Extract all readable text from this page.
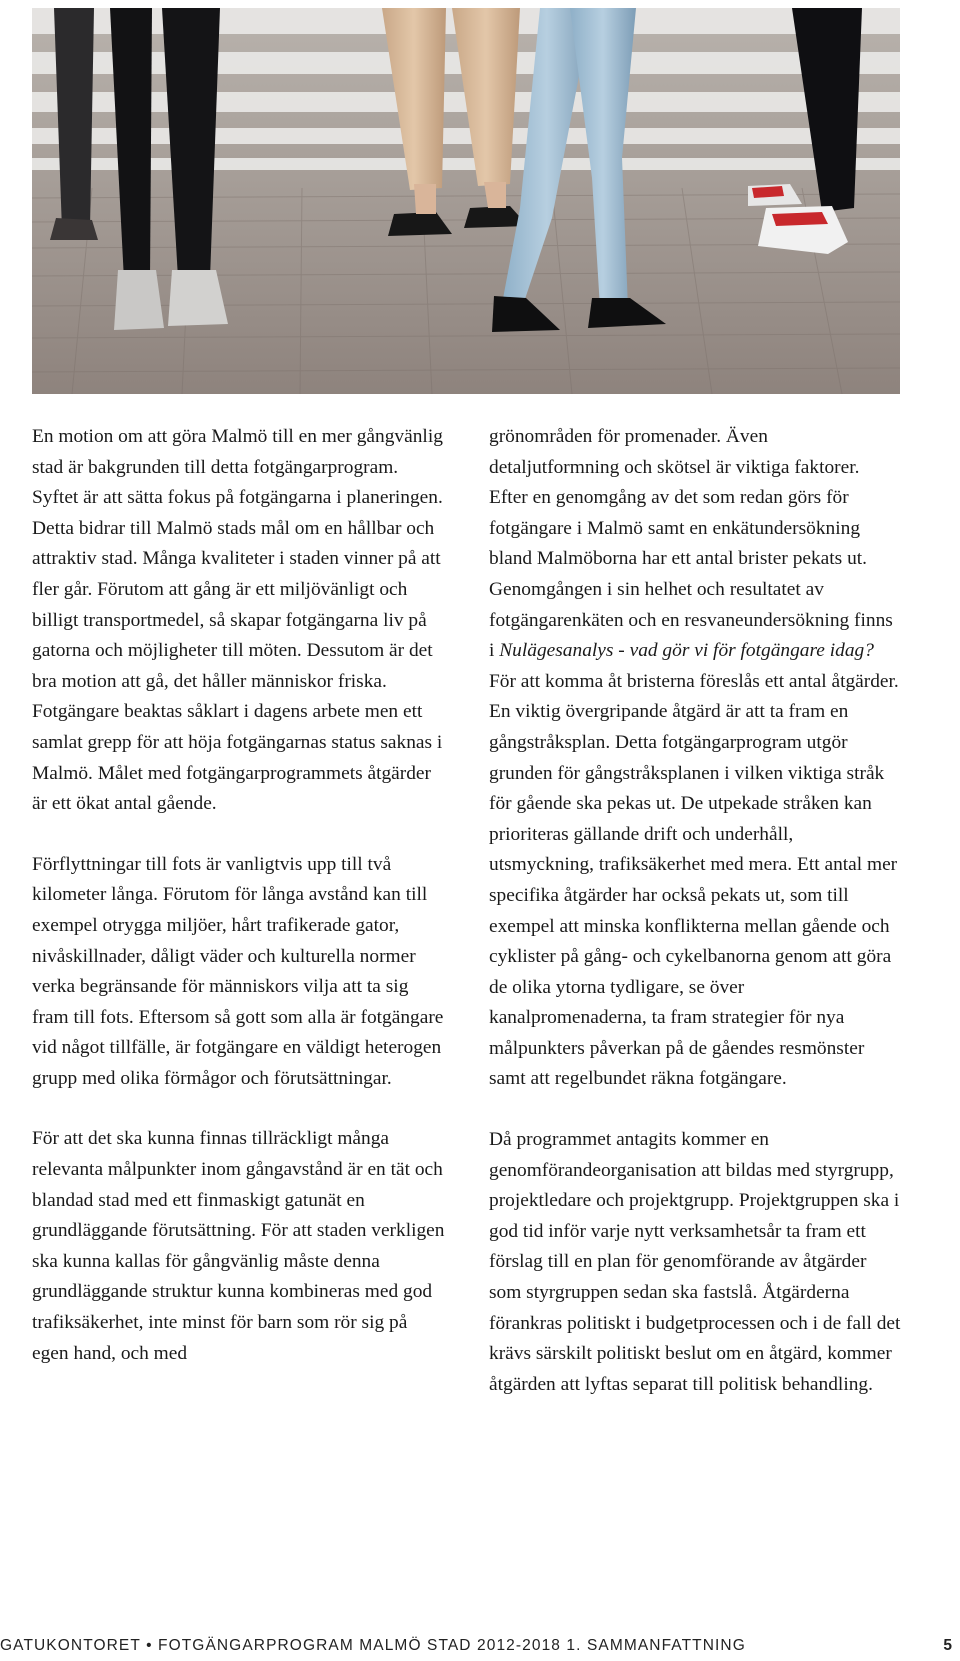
En motion om att göra Malmö till en mer gångvänlig stad är bakgrunden till detta fotgängarprogram. Syftet är att sätta fokus på fotgängarna i planeringen. Detta bidrar till Malmö stads mål om en hållbar och attraktiv stad. Många kvaliteter i staden vinner på att fler går. Förutom att gång är ett miljövänligt och billigt transportmedel, så skapar fotgängarna liv på gatorna och möjligheter till möten. Dessutom är det bra motion att gå, det håller människor friska. Fotgängare beaktas såklart i dagens arbete men ett samlat grepp för att höja fotgängarnas status saknas i Malmö. Målet med fotgängarprogrammets åtgärder är ett ökat antal gående.

Förflyttningar till fots är vanligtvis upp till två kilometer långa. Förutom för långa avstånd kan till exempel otrygga miljöer, hårt trafikerade gator, nivåskillnader, dåligt väder och kulturella normer verka begränsande för människors vilja att ta sig fram till fots. Eftersom så gott som alla är fotgängare vid något tillfälle, är fotgängare en väldigt heterogen grupp med olika förmågor och förutsättningar.

För att det ska kunna finnas tillräckligt många relevanta målpunkter inom gångavstånd är en tät och blandad stad med ett finmaskigt gatunät en grundläggande förutsättning. För att staden verkligen ska kunna kallas för gångvänlig måste denna grundläggande struktur kunna kombineras med god trafiksäkerhet, inte minst för barn som rör sig på egen hand, och med

grönområden för promenader. Även detaljutformning och skötsel är viktiga faktorer.

Efter en genomgång av det som redan görs för fotgängare i Malmö samt en enkätundersökning bland Malmöborna har ett antal brister pekats ut. Genomgången i sin helhet och resultatet av fotgängarenkäten och en resvaneundersökning finns i Nulägesanalys - vad gör vi för fotgängare idag? För att komma åt bristerna föreslås ett antal åtgärder. En viktig övergripande åtgärd är att ta fram en gångstråksplan. Detta fotgängarprogram utgör grunden för gångstråksplanen i vilken viktiga stråk för gående ska pekas ut. De utpekade stråken kan prioriteras gällande drift och underhåll, utsmyckning, trafiksäkerhet med mera. Ett antal mer specifika åtgärder har också pekats ut, som till exempel att minska konflikterna mellan gående och cyklister på gång- och cykelbanorna genom att göra de olika ytorna tydligare, se över kanalpromenaderna, ta fram strategier för nya målpunkters påverkan på de gåendes resmönster samt att regelbundet räkna fotgängare.

Då programmet antagits kommer en genomförandeorganisation att bildas med styrgrupp, projektledare och projektgrupp. Projektgruppen ska i god tid inför varje nytt verksamhetsår ta fram ett förslag till en plan för genomförande av åtgärder som styrgruppen sedan ska fastslå. Åtgärderna förankras politiskt i budgetprocessen och i de fall det krävs särskilt politiskt beslut om en åtgärd, kommer åtgärden att lyftas separat till politisk behandling.

GATUKONTORET • FOTGÄNGARPROGRAM MALMÖ STAD 2012-2018 1. SAMMANFATTNING	5
